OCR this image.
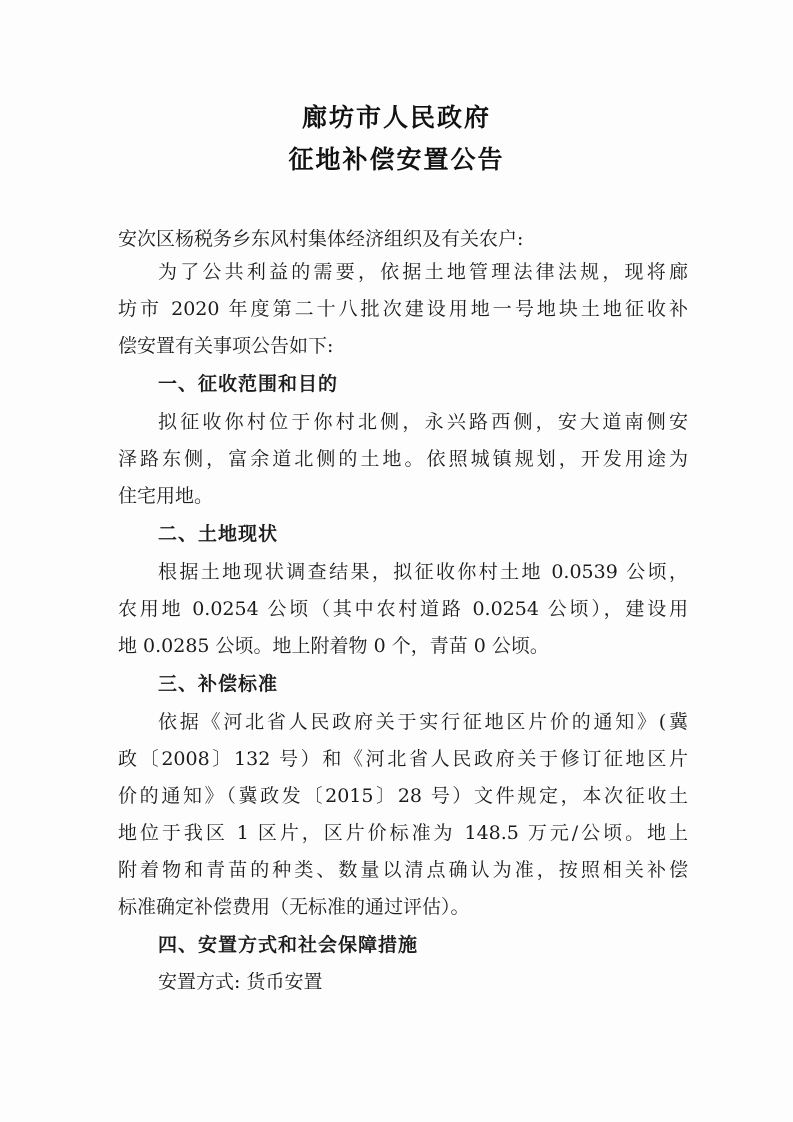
廊坊市人民政府
征地补偿安置公告
安次区杨税务乡东风村集体经济组织及有关农户:
为了公共利益的需要，依据土地管理法律法规，现将廊
坊市 2020 年度第二十八批次建设用地一号地块土地征收补
偿安置有关事项公告如下:
一、征收范围和目的
拟征收你村位于你村北侧，永兴路西侧，安大道南侧安
泽路东侧，富余道北侧的土地。依照城镇规划，开发用途为
住宅用地。
二、土地现状
根据土地现状调查结果，拟征收你村土地 0.0539 公顷，
农用地 0.0254 公顷（其中农村道路 0.0254 公顷），建设用
地 0.0285 公顷。地上附着物 0 个，青苗 0 公顷。
三、补偿标准
依据《河北省人民政府关于实行征地区片价的通知》(冀
政〔2008〕132 号）和《河北省人民政府关于修订征地区片
价的通知》（冀政发〔2015〕28 号）文件规定，本次征收土
地位于我区 1 区片，区片价标准为 148.5 万元/公顷。地上
附着物和青苗的种类、数量以清点确认为准，按照相关补偿
标准确定补偿费用（无标准的通过评估）。
四、安置方式和社会保障措施
安置方式: 货币安置
